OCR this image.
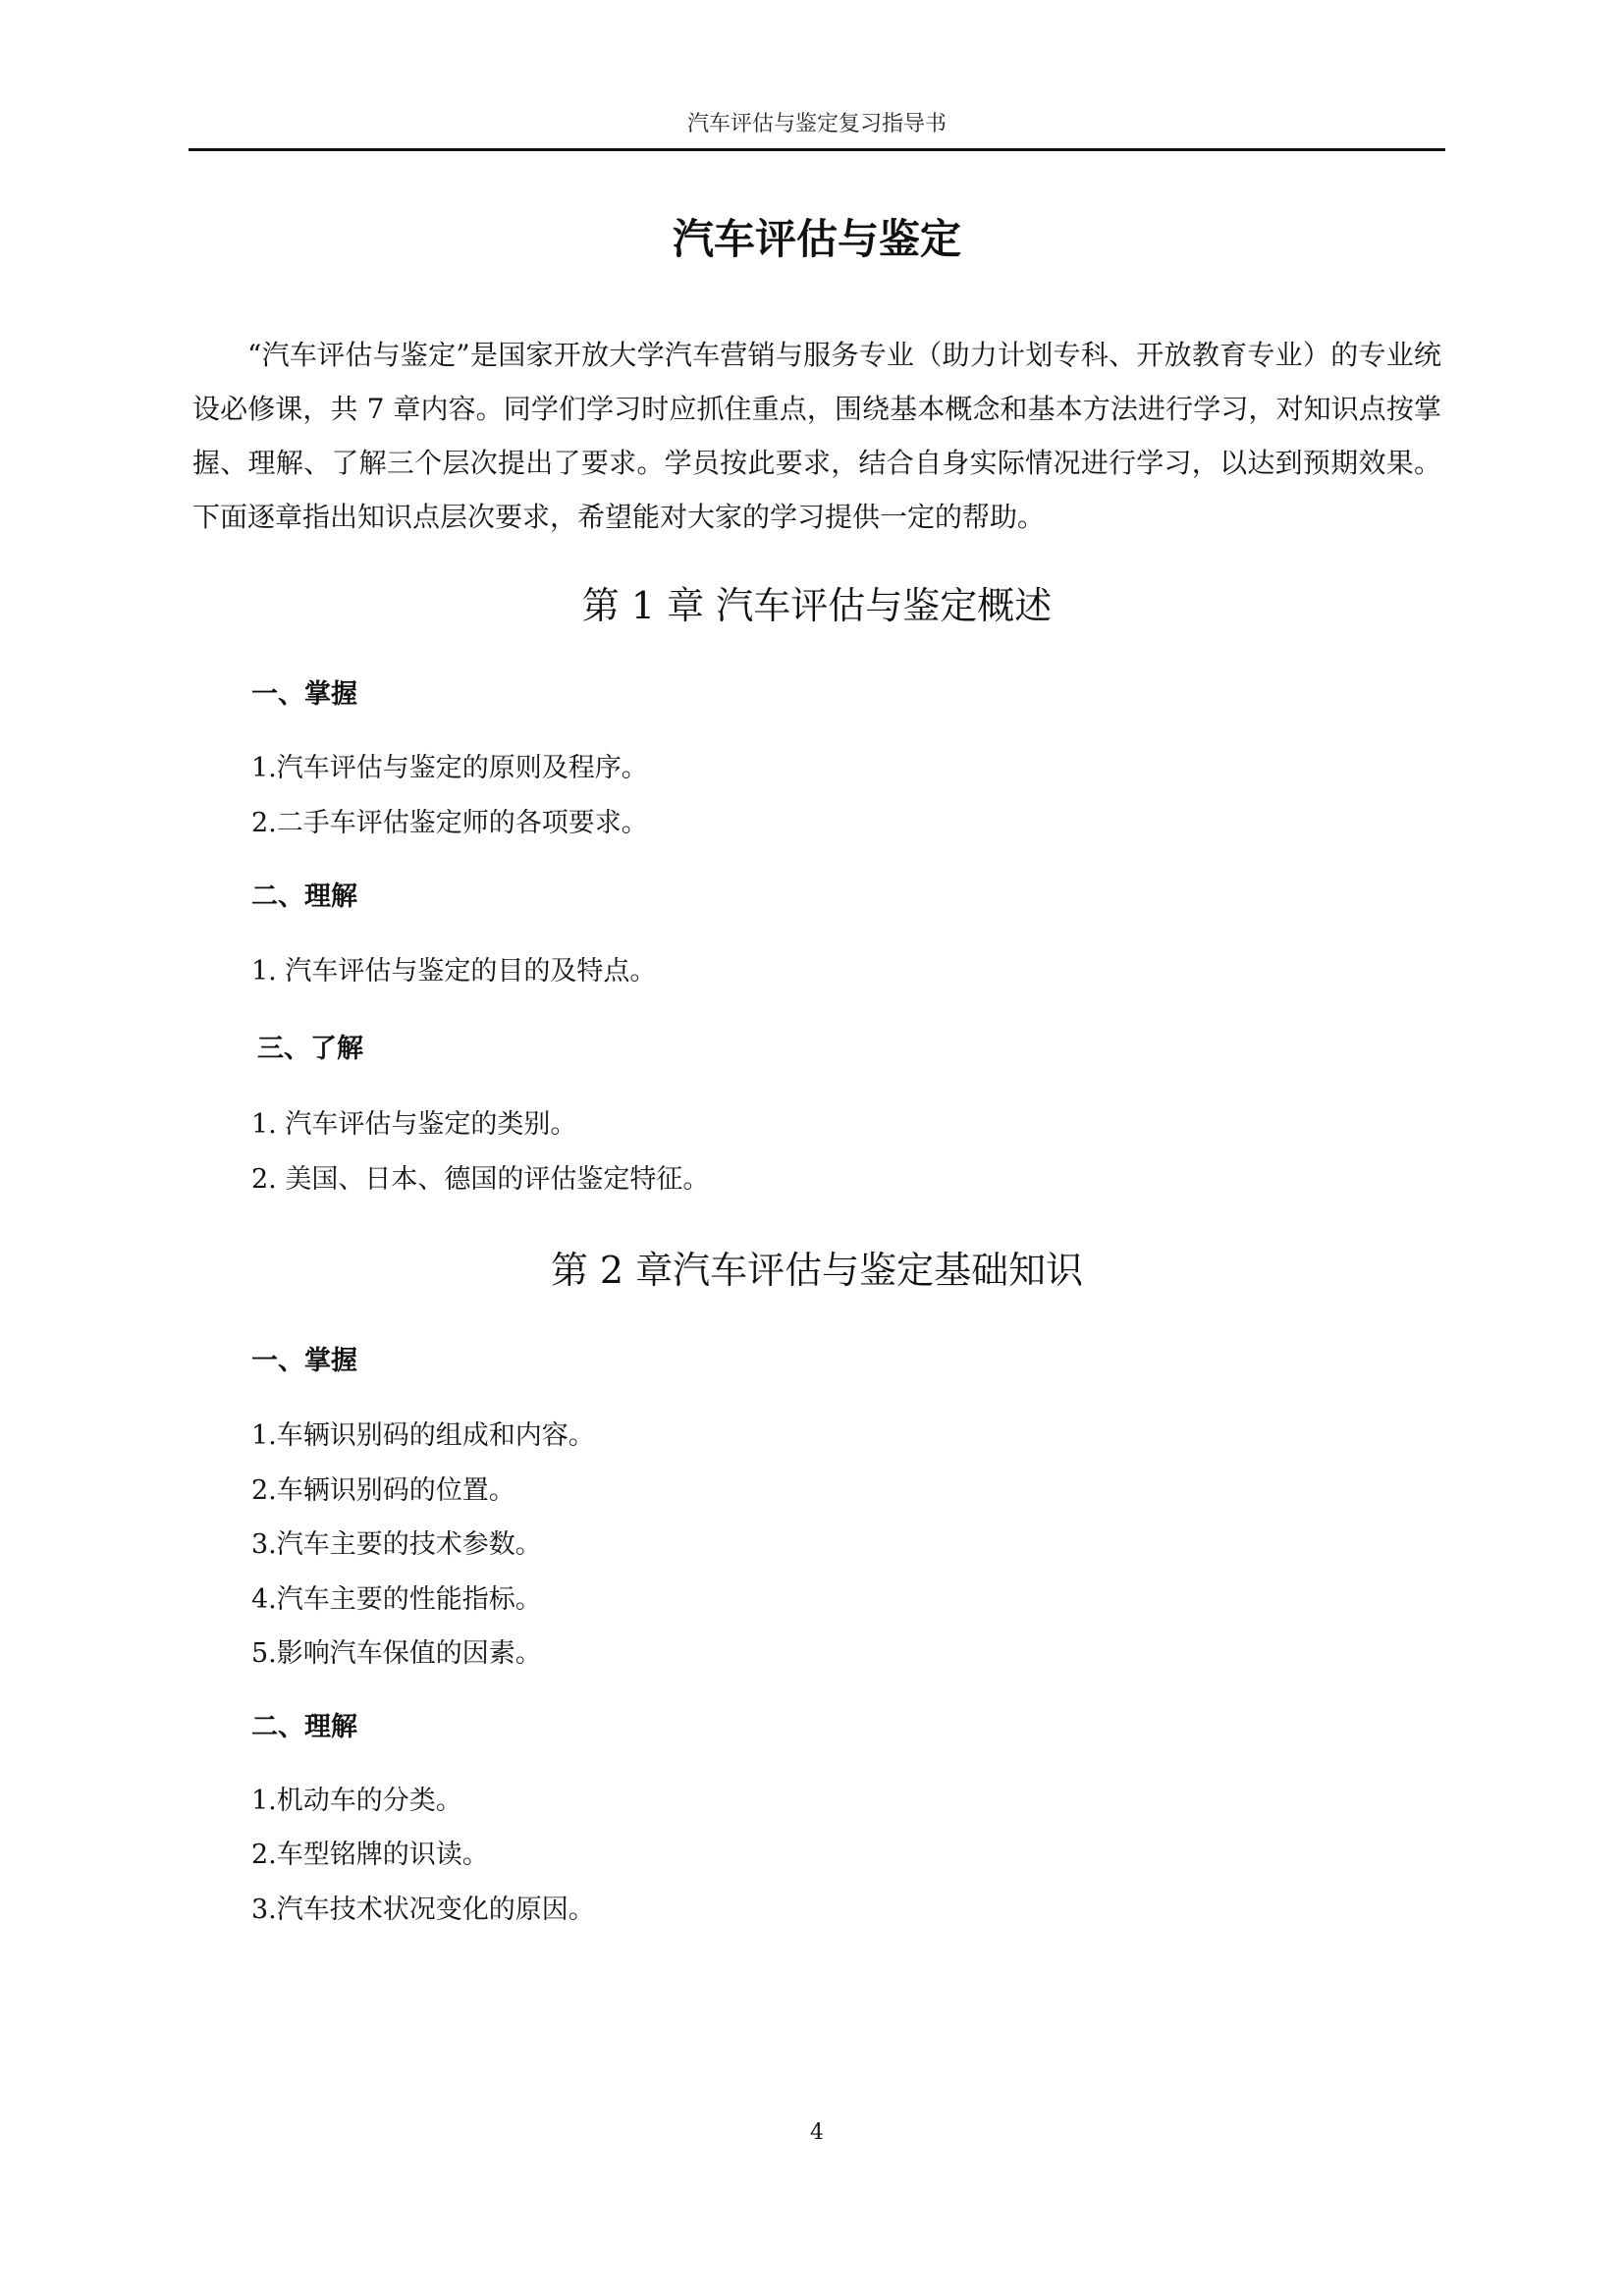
汽车评估与鉴定复习指导书
汽车评估与鉴定

“汽车评估与鉴定”是国家开放大学汽车营销与服务专业（助力计划专科、开放教育专业）的专业统设必修课，共 7 章内容。同学们学习时应抓住重点，围绕基本概念和基本方法进行学习，对知识点按掌握、理解、了解三个层次提出了要求。学员按此要求，结合自身实际情况进行学习，以达到预期效果。下面逐章指出知识点层次要求，希望能对大家的学习提供一定的帮助。

第 1 章 汽车评估与鉴定概述
一、掌握

1.汽车评估与鉴定的原则及程序。

2.二手车评估鉴定师的各项要求。

二、理解

1. 汽车评估与鉴定的目的及特点。

三、了解

1. 汽车评估与鉴定的类别。

2. 美国、日本、德国的评估鉴定特征。

第 2 章汽车评估与鉴定基础知识
一、掌握

1.车辆识别码的组成和内容。

2.车辆识别码的位置。

3.汽车主要的技术参数。

4.汽车主要的性能指标。

5.影响汽车保值的因素。

二、理解

1.机动车的分类。

2.车型铭牌的识读。

3.汽车技术状况变化的原因。

4
